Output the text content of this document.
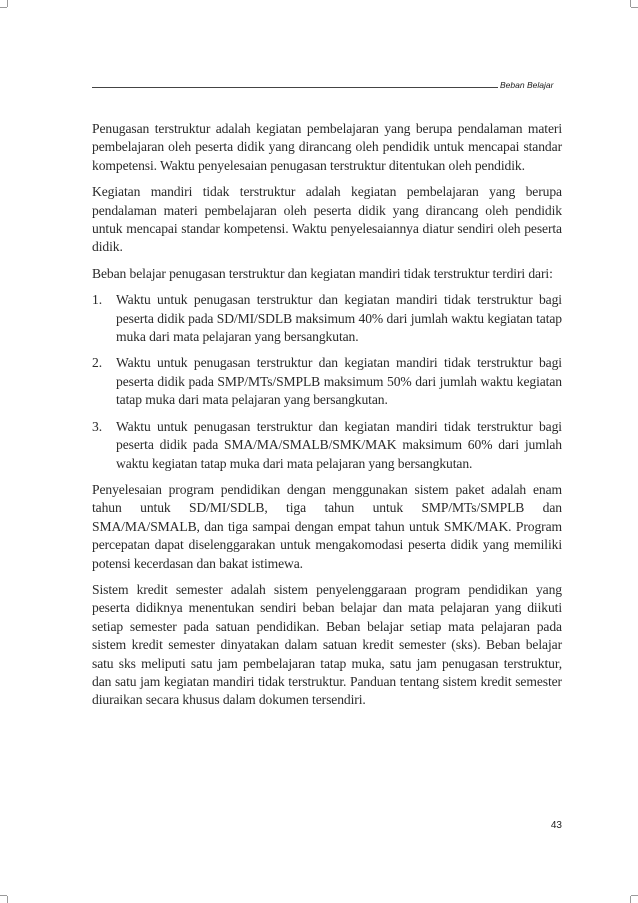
Beban Belajar

Penugasan terstruktur adalah kegiatan pembelajaran yang berupa pendalaman materi pembelajaran oleh peserta didik yang dirancang oleh pendidik untuk mencapai standar kompetensi. Waktu penyelesaian penugasan terstruktur ditentukan oleh pendidik.

Kegiatan mandiri tidak terstruktur adalah kegiatan pembelajaran yang berupa pendalaman materi pembelajaran oleh peserta didik yang dirancang oleh pendidik untuk mencapai standar kompetensi. Waktu penyelesaiannya diatur sendiri oleh peserta didik.

Beban belajar penugasan terstruktur dan kegiatan mandiri tidak terstruktur terdiri dari:

1. Waktu untuk penugasan terstruktur dan kegiatan mandiri tidak terstruktur bagi peserta didik pada SD/MI/SDLB maksimum 40% dari jumlah waktu kegiatan tatap muka dari mata pelajaran yang bersangkutan.
2. Waktu untuk penugasan terstruktur dan kegiatan mandiri tidak terstruktur bagi peserta didik pada SMP/MTs/SMPLB maksimum 50% dari jumlah waktu kegiatan tatap muka dari mata pelajaran yang bersangkutan.
3. Waktu untuk penugasan terstruktur dan kegiatan mandiri tidak terstruktur bagi peserta didik pada SMA/MA/SMALB/SMK/MAK maksimum 60% dari jumlah waktu kegiatan tatap muka dari mata pelajaran yang bersangkutan.

Penyelesaian program pendidikan dengan menggunakan sistem paket adalah enam tahun untuk SD/MI/SDLB, tiga tahun untuk SMP/MTs/SMPLB dan SMA/MA/SMALB, dan tiga sampai dengan empat tahun untuk SMK/MAK. Program percepatan dapat diselenggarakan untuk mengakomodasi peserta didik yang memiliki potensi kecerdasan dan bakat istimewa.

Sistem kredit semester adalah sistem penyelenggaraan program pendidikan yang peserta didiknya menentukan sendiri beban belajar dan mata pelajaran yang diikuti setiap semester pada satuan pendidikan. Beban belajar setiap mata pelajaran pada sistem kredit semester dinyatakan dalam satuan kredit semester (sks). Beban belajar satu sks meliputi satu jam pembelajaran tatap muka, satu jam penugasan terstruktur, dan satu jam kegiatan mandiri tidak terstruktur. Panduan tentang sistem kredit semester diuraikan secara khusus dalam dokumen tersendiri.

43
